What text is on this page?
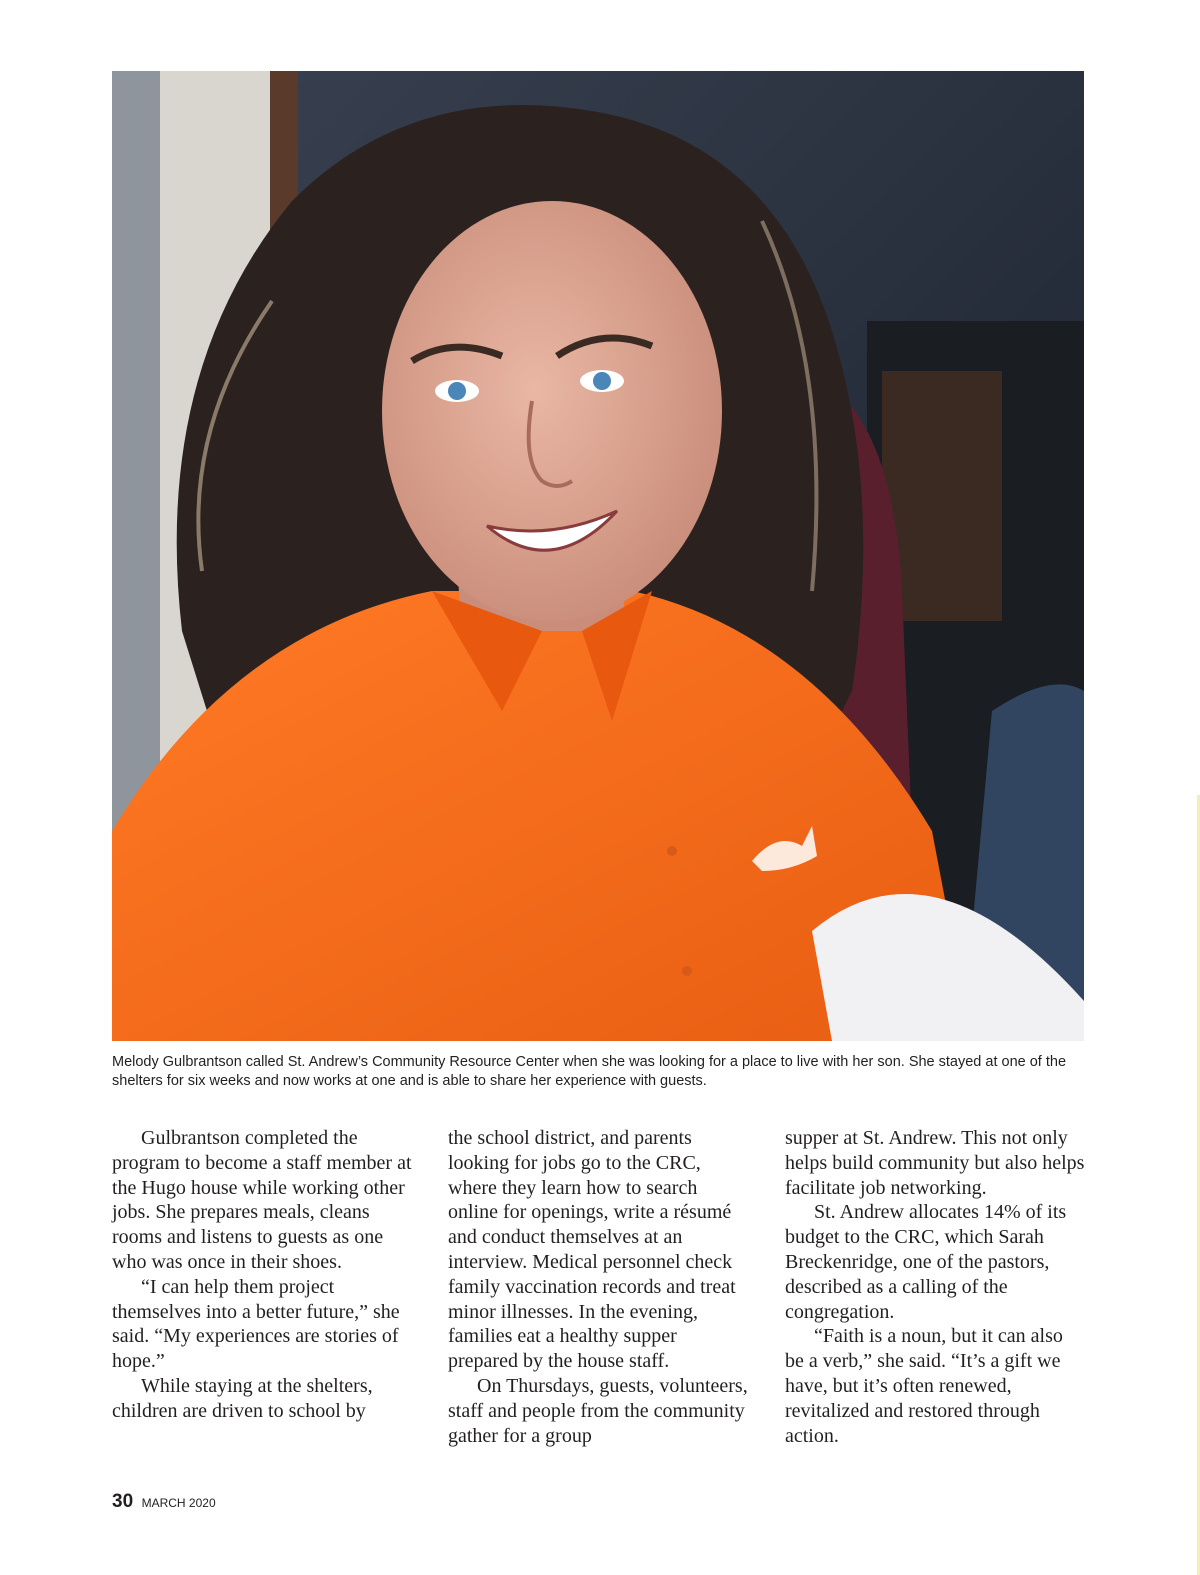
Melody Gulbrantson called St. Andrew’s Community Resource Center when she was looking for a place to live with her son. She stayed at one of the shelters for six weeks and now works at one and is able to share her experience with guests.

Gulbrantson completed the program to become a staff member at the Hugo house while working other jobs. She prepares meals, cleans rooms and listens to guests as one who was once in their shoes.

“I can help them project themselves into a better future,” she said. “My experiences are stories of hope.”

While staying at the shelters, children are driven to school by

the school district, and parents looking for jobs go to the CRC, where they learn how to search online for openings, write a résumé and conduct themselves at an interview. Medical personnel check family vaccination records and treat minor illnesses. In the evening, families eat a healthy supper prepared by the house staff.

On Thursdays, guests, volunteers, staff and people from the community gather for a group

supper at St. Andrew. This not only helps build community but also helps facilitate job networking.

St. Andrew allocates 14% of its budget to the CRC, which Sarah Breckenridge, one of the pastors, described as a calling of the congregation.

“Faith is a noun, but it can also be a verb,” she said. “It’s a gift we have, but it’s often renewed, revitalized and restored through action.

30 MARCH 2020
